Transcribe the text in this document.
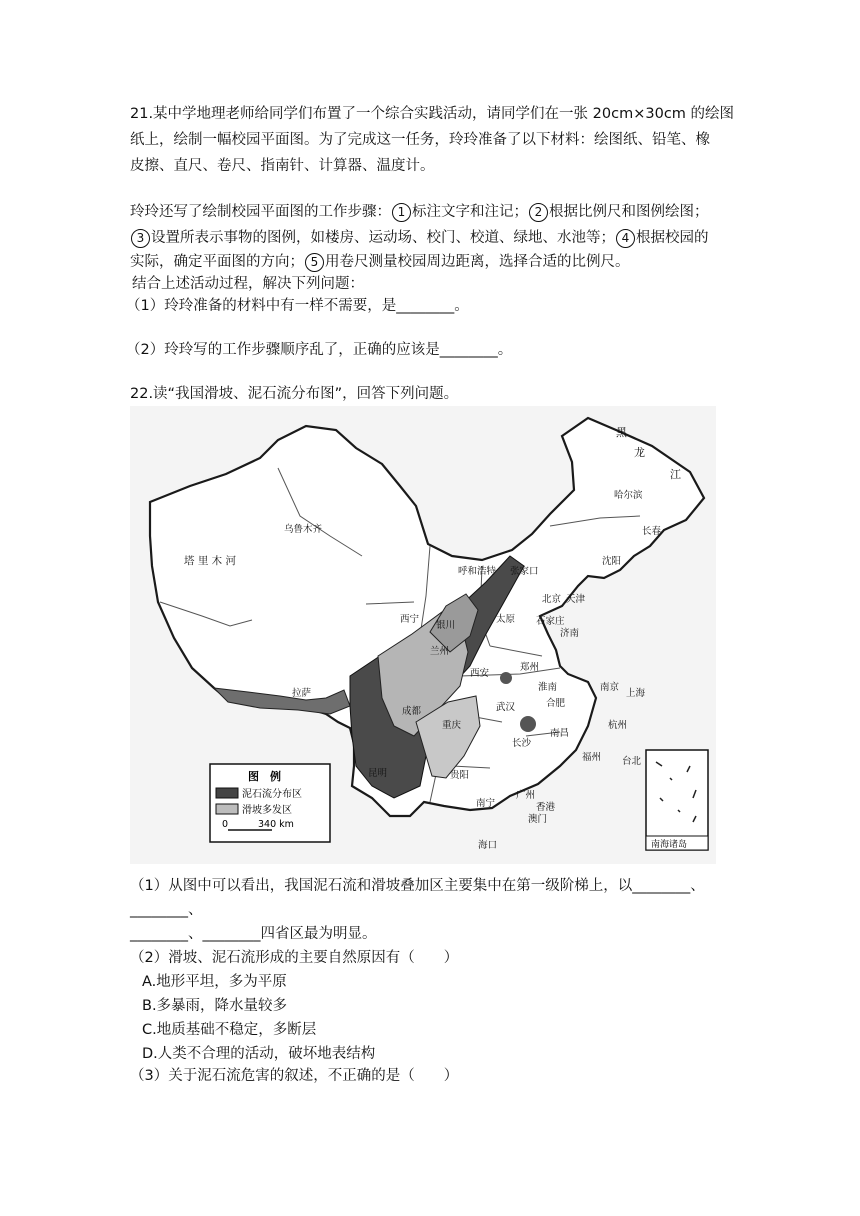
21.某中学地理老师给同学们布置了一个综合实践活动，请同学们在一张 20cm×30cm 的绘图
纸上，绘制一幅校园平面图。为了完成这一任务，玲玲准备了以下材料：绘图纸、铅笔、橡
皮擦、直尺、卷尺、指南针、计算器、温度计。
玲玲还写了绘制校园平面图的工作步骤： 1 标注文字和注记； 2 根据比例尺和图例绘图；
3 设置所表示事物的图例，如楼房、运动场、校门、校道、绿地、水池等； 4 根据校园的
实际，确定平面图的方向； 5 用卷尺测量校园周边距离，选择合适的比例尺。
结合上述活动过程，解决下列问题：
（1）玲玲准备的材料中有一样不需要，是________。
（2）玲玲写的工作步骤顺序乱了，正确的应该是________。
22.读“我国滑坡、泥石流分布图”，回答下列问题。
乌鲁木齐
哈尔滨
长春
沈阳
呼和浩特 张家口
北京 天津
银川
西宁	太原 石家庄
济南
兰州
郑州
西安
淮南	南京
上海
拉萨
成都
合肥
武汉
杭州
重庆
南昌
长沙
福州 台北
贵阳
昆明
南宁
广州
香港
澳门
海口
塔 里 木 河
黑
龙
江
图　例
泥石流分布区
滑坡多发区
0	340 km
南海诸岛
（1）从图中可以看出，我国泥石流和滑坡叠加区主要集中在第一级阶梯上，以________、
________、
________、________四省区最为明显。
（2）滑坡、泥石流形成的主要自然原因有（　　）
A.地形平坦，多为平原
B.多暴雨，降水量较多
C.地质基础不稳定，多断层
D.人类不合理的活动，破坏地表结构
（3）关于泥石流危害的叙述，不正确的是（　　）
